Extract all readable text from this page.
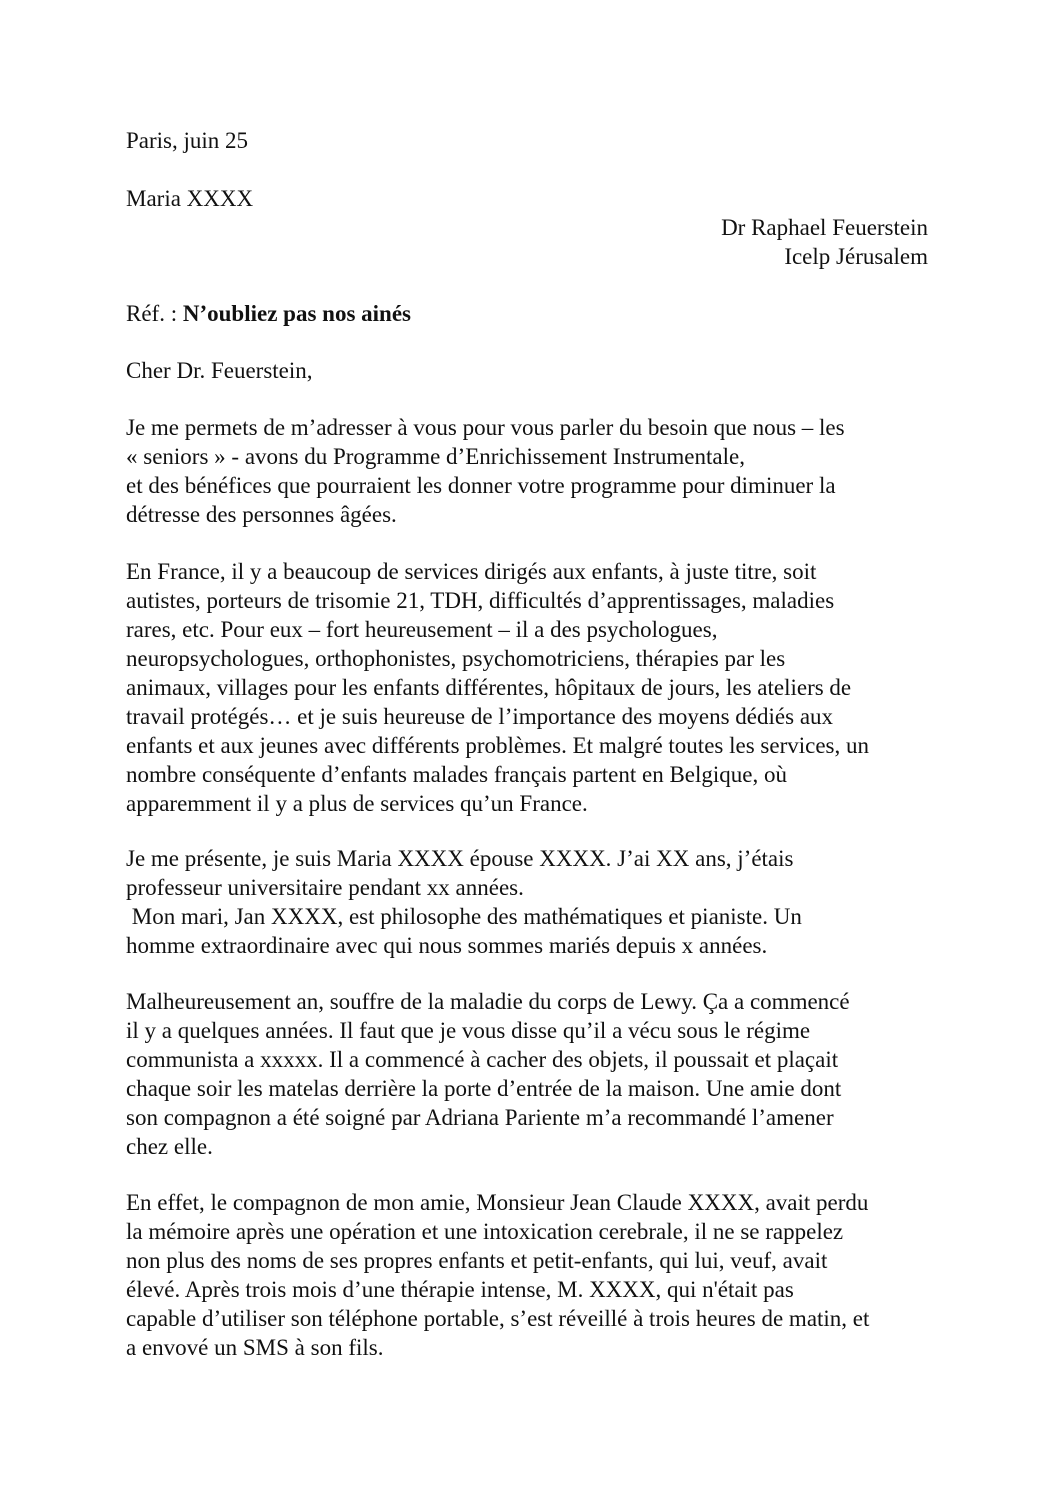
Paris, juin 25
Maria XXXX
Dr Raphael Feuerstein
Icelp Jérusalem
Réf. : N’oubliez pas nos ainés
Cher Dr. Feuerstein,
Je me permets de m’adresser à vous pour vous parler du besoin que nous – les
« seniors » - avons du Programme d’Enrichissement Instrumentale,
et des bénéfices que pourraient les donner votre programme pour diminuer la
détresse des personnes âgées.
En France, il y a beaucoup de services dirigés aux enfants, à juste titre, soit
autistes, porteurs de trisomie 21, TDH, difficultés d’apprentissages, maladies
rares, etc. Pour eux – fort heureusement – il a des psychologues,
neuropsychologues, orthophonistes, psychomotriciens, thérapies par les
animaux, villages pour les enfants différentes, hôpitaux de jours, les ateliers de
travail protégés… et je suis heureuse de l’importance des moyens dédiés aux
enfants et aux jeunes avec différents problèmes. Et malgré toutes les services, un
nombre conséquente d’enfants malades français partent en Belgique, où
apparemment il y a plus de services qu’un France.
Je me présente, je suis Maria XXXX épouse XXXX. J’ai XX ans, j’étais
professeur universitaire pendant xx années.
Mon mari, Jan XXXX, est philosophe des mathématiques et pianiste. Un
homme extraordinaire avec qui nous sommes mariés depuis x années.
Malheureusement an, souffre de la maladie du corps de Lewy. Ça a commencé
il y a quelques années. Il faut que je vous disse qu’il a vécu sous le régime
communista a xxxxx. Il a commencé à cacher des objets, il poussait et plaçait
chaque soir les matelas derrière la porte d’entrée de la maison. Une amie dont
son compagnon a été soigné par Adriana Pariente m’a recommandé l’amener
chez elle.
En effet, le compagnon de mon amie, Monsieur Jean Claude XXXX, avait perdu
la mémoire après une opération et une intoxication cerebrale, il ne se rappelez
non plus des noms de ses propres enfants et petit-enfants, qui lui, veuf, avait
élevé. Après trois mois d’une thérapie intense, M. XXXX, qui n'était pas
capable d’utiliser son téléphone portable, s’est réveillé à trois heures de matin, et
a envové un SMS à son fils.
